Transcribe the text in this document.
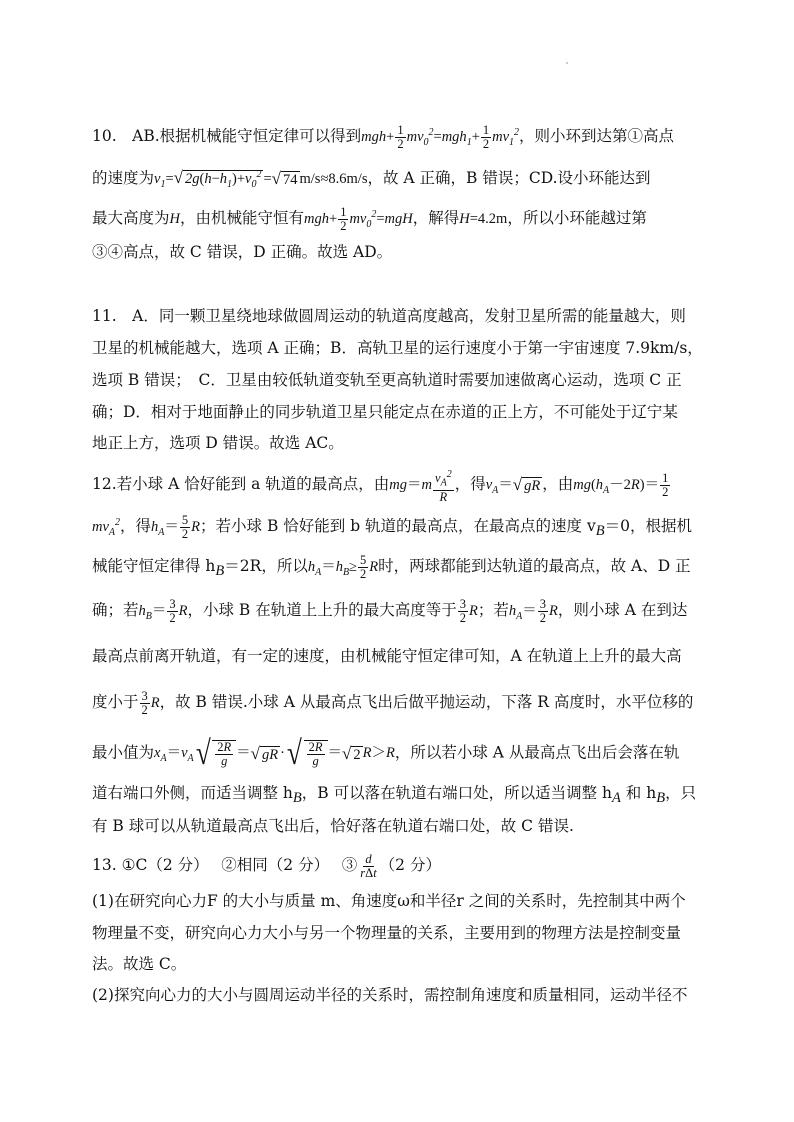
10.　AB.根据机械能守恒定律可以得到$mgh+ \frac{1}{2} mv_0^2=mgh_1+ \frac{1}{2} mv_1^2$，则小环到达第①高点
的速度为$v_1=√$ $2g(h-h_1)+v_0^2$ =√ 74 m/s≈8.6m/s，故 A 正确，B 错误；CD.设小环能达到
最大高度为H，由机械能守恒有$mgh+ \frac{1}{2} mv_0^2=mgH$，解得H=4.2m，所以小环能越过第
③④高点，故 C 错误，D 正确。故选 AD。
11.　A．同一颗卫星绕地球做圆周运动的轨道高度越高，发射卫星所需的能量越大，则
卫星的机械能越大，选项 A 正确；B．高轨卫星的运行速度小于第一宇宙速度 7.9km/s，
选项 B 错误；　C．卫星由较低轨道变轨至更高轨道时需要加速做离心运动，选项 C 正
确；D．相对于地面静止的同步轨道卫星只能定点在赤道的正上方，不可能处于辽宁某
地正上方，选项 D 错误。故选 AC。
12.若小球 A 恰好能到 a 轨道的最高点，由$mg=m \frac{v_A^2}{R}$ ，得$v_A=√$ gR ，由$mg(h_A-2R)= \frac{1}{2}$
$mv_A^2$，得$h_A= \frac{5}{2}$ R；若小球 B 恰好能到 b 轨道的最高点，在最高点的速度 $v_B=0$，根据机
械能守恒定律得 $h_B=2R$，所以$h_A=h_B\ge \frac{5}{2}$ R时，两球都能到达轨道的最高点，故 A、D 正
确；若$h_B= \frac{3}{2}$ R，小球 B 在轨道上上升的最大高度等于 $\frac{3}{2}$ R；若$h_A= \frac{3}{2}$ R，则小球 A 在到达
最高点前离开轨道，有一定的速度，由机械能守恒定律可知，A 在轨道上上升的最大高
度小于 $\frac{3}{2}$ R，故 B 错误.小球 A 从最高点飞出后做平抛运动，下落 R 高度时，水平位移的
最小值为$x_A=v_A$ √ $\frac{2R}{g}$ ＝√ gR · √ $\frac{2R}{g}$ ＝√ 2 R＞R，所以若小球 A 从最高点飞出后会落在轨
道右端口外侧，而适当调整 $h_B$，B 可以落在轨道右端口处，所以适当调整 $h_A$ 和 $h_B$，只
有 B 球可以从轨道最高点飞出后，恰好落在轨道右端口处，故 C 错误.
13. ①C（2 分）　 ②相同（2 分）　 ③ $\frac{d}{\text{rΔt}} (2$ 分）
(1)在研究向心力F 的大小与质量 m、角速度ω和半径r 之间的关系时，先控制其中两个
物理量不变，研究向心力大小与另一个物理量的关系，主要用到的物理方法是控制变量
法。故选 C。
(2)探究向心力的大小与圆周运动半径的关系时，需控制角速度和质量相同，运动半径不
